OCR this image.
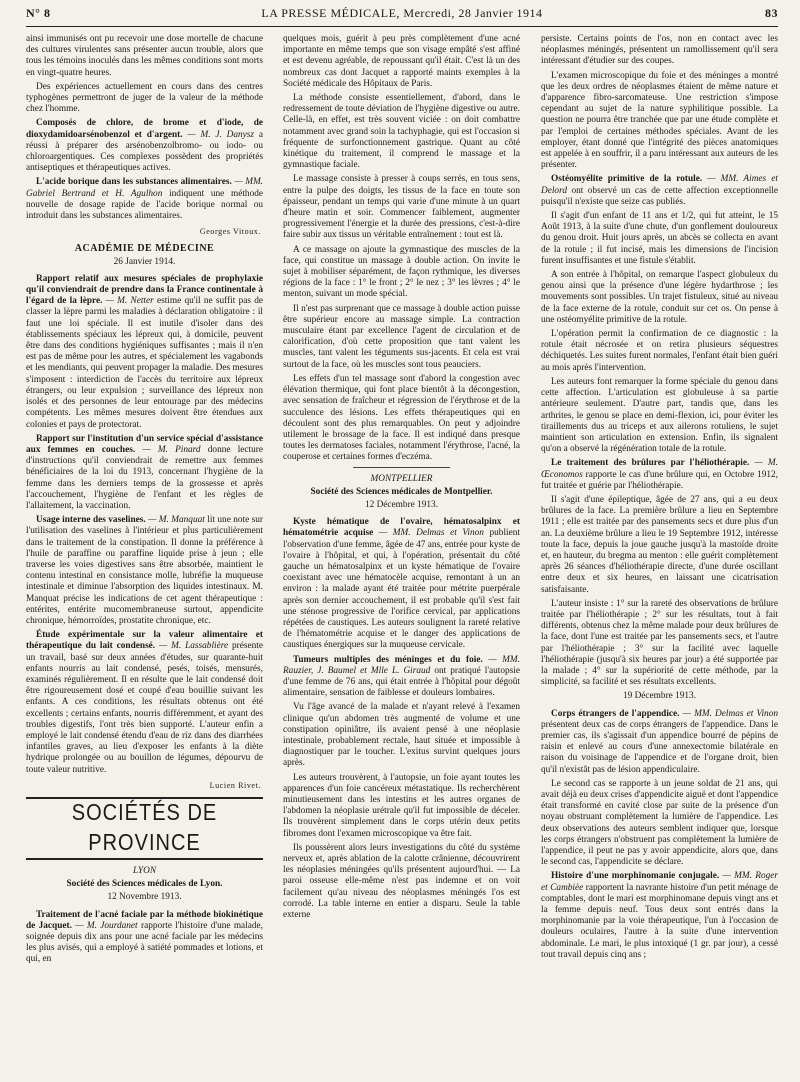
N° 8	LA PRESSE MÉDICALE, Mercredi, 28 Janvier 1914	83

ainsi immunisés ont pu recevoir une dose mortelle de chacune des cultures virulentes sans présenter aucun trouble, alors que tous les témoins inoculés dans les mêmes conditions sont morts en vingt-quatre heures.

Des expériences actuellement en cours dans des centres typhogènes permettront de juger de la valeur de la méthode chez l'homme.

Composés de chlore, de brome et d'iode, de dioxydamidoarsénobenzol et d'argent. — M. J. Danysz a réussi à préparer des arsénobenzolbromo- ou iodo- ou chloroargentiques. Ces complexes possèdent des propriétés antiseptiques et thérapeutiques actives.

L'acide borique dans les substances alimentaires. — MM. Gabriel Bertrand et H. Agulhon indiquent une méthode nouvelle de dosage rapide de l'acide borique normal ou introduit dans les substances alimentaires.

Georges Vitoux.

ACADÉMIE DE MÉDECINE
26 Janvier 1914.

Rapport relatif aux mesures spéciales de prophylaxie qu'il conviendrait de prendre dans la France continentale à l'égard de la lèpre. — M. Netter estime qu'il ne suffit pas de classer la lèpre parmi les maladies à déclaration obligatoire : il faut une loi spéciale. Il est inutile d'isoler dans des établissements spéciaux les lépreux qui, à domicile, peuvent être dans des conditions hygiéniques suffisantes ; mais il n'en est pas de même pour les autres, et spécialement les vagabonds et les mendiants, qui peuvent propager la maladie. Des mesures s'imposent : interdiction de l'accès du territoire aux lépreux étrangers, ou leur expulsion ; surveillance des lépreux non isolés et des personnes de leur entourage par des médecins compétents. Les mêmes mesures doivent être étendues aux colonies et pays de protectorat.

Rapport sur l'institution d'un service spécial d'assistance aux femmes en couches. — M. Pinard donne lecture d'instructions qu'il conviendrait de remettre aux femmes bénéficiaires de la loi du 1913, concernant l'hygiène de la femme dans les derniers temps de la grossesse et après l'accouchement, l'hygiène de l'enfant et les règles de l'allaitement, la vaccination.

Usage interne des vaselines. — M. Manquat lit une note sur l'utilisation des vaselines à l'intérieur et plus particulièrement dans le traitement de la constipation. Il donne la préférence à l'huile de paraffine ou paraffine liquide prise à jeun ; elle traverse les voies digestives sans être absorbée, maintient le contenu intestinal en consistance molle, lubréfie la muqueuse intestinale et diminue l'absorption des liquides intestinaux. M. Manquat précise les indications de cet agent thérapeutique : entérites, entérite mucomembraneuse surtout, appendicite chronique, hémorroïdes, prostatite chronique, etc.

Étude expérimentale sur la valeur alimentaire et thérapeutique du lait condensé. — M. Lassablière présente un travail, basé sur deux années d'études, sur quarante-huit enfants nourris au lait condensé, pesés, toisés, mensurés, examinés régulièrement. Il en résulte que le lait condensé doit être rigoureusement dosé et coupé d'eau bouillie suivant les enfants. A ces conditions, les résultats obtenus ont été excellents ; certains enfants, nourris différemment, et ayant des troubles digestifs, l'ont très bien supporté. L'auteur enfin a employé le lait condensé étendu d'eau de riz dans des diarrhées infantiles graves, au lieu d'exposer les enfants à la diète hydrique prolongée ou au bouillon de légumes, dépourvu de toute valeur nutritive.

Lucien Rivet.

SOCIÉTÉS DE PROVINCE
LYON
Société des Sciences médicales de Lyon.
12 Novembre 1913.

Traitement de l'acné faciale par la méthode biokinétique de Jacquet. — M. Jourdanet rapporte l'histoire d'une malade, soignée depuis dix ans pour une acné faciale par les médecins les plus avisés, qui a employé à satiété pommades et lotions, et qui, en

quelques mois, guérit à peu près complètement d'une acné importante en même temps que son visage empâté s'est affiné et est devenu agréable, de repoussant qu'il était. C'est là un des nombreux cas dont Jacquet a rapporté maints exemples à la Société médicale des Hôpitaux de Paris.

La méthode consiste essentiellement, d'abord, dans le redressement de toute déviation de l'hygiène digestive ou autre. Celle-là, en effet, est très souvent viciée : on doit combattre notamment avec grand soin la tachyphagie, qui est l'occasion si fréquente de surfonctionnement gastrique. Quant au côté kinétique du traitement, il comprend le massage et la gymnastique faciale.

Le massage consiste à presser à coups serrés, en tous sens, entre la pulpe des doigts, les tissus de la face en toute son épaisseur, pendant un temps qui varie d'une minute à un quart d'heure matin et soir. Commencer faiblement, augmenter progressivement l'énergie et la durée des pressions, c'est-à-dire faire subir aux tissus un véritable entraînement : tout est là.

A ce massage on ajoute la gymnastique des muscles de la face, qui constitue un massage à double action. On invite le sujet à mobiliser séparément, de façon rythmique, les diverses régions de la face : 1° le front ; 2° le nez ; 3° les lèvres ; 4° le menton, suivant un mode spécial.

Il n'est pas surprenant que ce massage à double action puisse être supérieur encore au massage simple. La contraction musculaire étant par excellence l'agent de circulation et de calorification, d'où cette proposition que tant valent les muscles, tant valent les téguments sus-jacents. Et cela est vrai surtout de la face, où les muscles sont tous peauciers.

Les effets d'un tel massage sont d'abord la congestion avec élévation thermique, qui font place bientôt à la décongestion, avec sensation de fraîcheur et régression de l'érythrose et de la succulence des lésions. Les effets thérapeutiques qui en découlent sont des plus remarquables. On peut y adjoindre utilement le brossage de la face. Il est indiqué dans presque toutes les dermatoses faciales, notamment l'érythrose, l'acné, la couperose et certaines formes d'eczéma.

MONTPELLIER
Société des Sciences médicales de Montpellier.
12 Décembre 1913.

Kyste hématique de l'ovaire, hématosalpinx et hématométrie acquise — MM. Delmas et Vinon publient l'observation d'une femme, âgée de 47 ans, entrée pour kyste de l'ovaire à l'hôpital, et qui, à l'opération, présentait du côté gauche un hématosalpinx et un kyste hématique de l'ovaire coexistant avec une hématocèle acquise, remontant à un an environ : la malade ayant été traitée pour métrite puerpérale après son dernier accouchement, il est probable qu'il s'est fait une sténose progressive de l'orifice cervical, par applications répétées de caustiques. Les auteurs soulignent la rareté relative de l'hématométrie acquise et le danger des applications de caustiques énergiques sur la muqueuse cervicale.

Tumeurs multiples des méninges et du foie. — MM. Rauzier, J. Baumel et Mlle L. Giraud ont pratiqué l'autopsie d'une femme de 76 ans, qui était entrée à l'hôpital pour dégoût alimentaire, sensation de faiblesse et douleurs lombaires.

Vu l'âge avancé de la malade et n'ayant relevé à l'examen clinique qu'un abdomen très augmenté de volume et une constipation opiniâtre, ils avaient pensé à une néoplasie intestinale, probablement rectale, haut située et impossible à diagnostiquer par le toucher. L'exitus survint quelques jours après.

Les auteurs trouvèrent, à l'autopsie, un foie ayant toutes les apparences d'un foie cancéreux métastatique. Ils recherchèrent minutieusement dans les intestins et les autres organes de l'abdomen la néoplasie urétrale qu'il fut impossible de déceler. Ils trouvèrent simplement dans le corps utérin deux petits fibromes dont l'examen microscopique va être fait.

Ils poussèrent alors leurs investigations du côté du système nerveux et, après ablation de la calotte crânienne, découvrirent les néoplasies méningées qu'ils présentent aujourd'hui. — La paroi osseuse elle-même n'est pas indemne et on voit facilement qu'au niveau des néoplasmes méningés l'os est corrodé. La table interne en entier a disparu. Seule la table externe

persiste. Certains points de l'os, non en contact avec les néoplasmes méningés, présentent un ramollissement qu'il sera intéressant d'étudier sur des coupes.

L'examen microscopique du foie et des méninges a montré que les deux ordres de néoplasmes étaient de même nature et d'apparence fibro-sarcomateuse. Une restriction s'impose cependant au sujet de la nature syphilitique possible. La question ne pourra être tranchée que par une étude complète et par l'emploi de certaines méthodes spéciales. Avant de les employer, étant donné que l'intégrité des pièces anatomiques est appelée à en souffrir, il a paru intéressant aux auteurs de les présenter.

Ostéomyélite primitive de la rotule. — MM. Aimes et Delord ont observé un cas de cette affection exceptionnelle puisqu'il n'existe que seize cas publiés.

Il s'agit d'un enfant de 11 ans et 1/2, qui fut atteint, le 15 Août 1913, à la suite d'une chute, d'un gonflement douloureux du genou droit. Huit jours après, un abcès se collecta en avant de la rotule ; il fut incisé, mais les dimensions de l'incision furent insuffisantes et une fistule s'établit.

A son entrée à l'hôpital, on remarque l'aspect globuleux du genou ainsi que la présence d'une légère hydarthrose ; les mouvements sont possibles. Un trajet fistuleux, situé au niveau de la face externe de la rotule, conduit sur cet os. On pense à une ostéomyélite primitive de la rotule.

L'opération permit la confirmation de ce diagnostic : la rotule était nécrosée et on retira plusieurs séquestres déchiquetés. Les suites furent normales, l'enfant était bien guéri au mois après l'intervention.

Les auteurs font remarquer la forme spéciale du genou dans cette affection. L'articulation est globuleuse à sa partie antérieure seulement. D'autre part, tandis que, dans les arthrites, le genou se place en demi-flexion, ici, pour éviter les tiraillements dus au triceps et aux ailerons rotuliens, le sujet maintient son articulation en extension. Enfin, ils signalent qu'on a observé la régénération totale de la rotule.

Le traitement des brûlures par l'héliothérapie. — M. Œconomos rapporte le cas d'une brûlure qui, en Octobre 1912, fut traitée et guérie par l'héliothérapie.

Il s'agit d'une épileptique, âgée de 27 ans, qui a eu deux brûlures de la face. La première brûlure a lieu en Septembre 1911 ; elle est traitée par des pansements secs et dure plus d'un an. La deuxième brûlure a lieu le 19 Septembre 1912, intéresse toute la face, depuis la joue gauche jusqu'à la mastoïde droite et, en hauteur, du bregma au menton : elle guérit complètement après 26 séances d'héliothérapie directe, d'une durée oscillant entre deux et six heures, en laissant une cicatrisation satisfaisante.

L'auteur insiste : 1° sur la rareté des observations de brûlure traitée par l'héliothérapie ; 2° sur les résultats, tout à fait différents, obtenus chez la même malade pour deux brûlures de la face, dont l'une est traitée par les pansements secs, et l'autre par l'héliothérapie ; 3° sur la facilité avec laquelle l'héliothérapie (jusqu'à six heures par jour) a été supportée par la malade ; 4° sur la supériorité de cette méthode, par la simplicité, sa facilité et ses résultats excellents.

19 Décembre 1913.

Corps étrangers de l'appendice. — MM. Delmas et Vinon présentent deux cas de corps étrangers de l'appendice. Dans le premier cas, ils s'agissait d'un appendice bourré de pépins de raisin et enlevé au cours d'une annexectomie bilatérale en raison du voisinage de l'appendice et de l'organe droit, bien qu'il n'existât pas de lésion appendiculaire.

Le second cas se rapporte à un jeune soldat de 21 ans, qui avait déjà eu deux crises d'appendicite aiguë et dont l'appendice était transformé en cavité close par suite de la présence d'un noyau obstruant complètement la lumière de l'appendice. Les deux observations des auteurs semblent indiquer que, lorsque les corps étrangers n'obstruent pas complètement la lumière de l'appendice, il peut ne pas y avoir appendicite, alors que, dans le second cas, l'appendicite se déclare.

Histoire d'une morphinomanie conjugale. — MM. Roger et Cambièe rapportent la navrante histoire d'un petit ménage de comptables, dont le mari est morphinomane depuis vingt ans et la femme depuis neuf. Tous deux sont entrés dans la morphinomanie par la voie thérapeutique, l'un à l'occasion de douleurs oculaires, l'autre à la suite d'une intervention abdominale. Le mari, le plus intoxiqué (1 gr. par jour), a cessé tout travail depuis cinq ans ;
